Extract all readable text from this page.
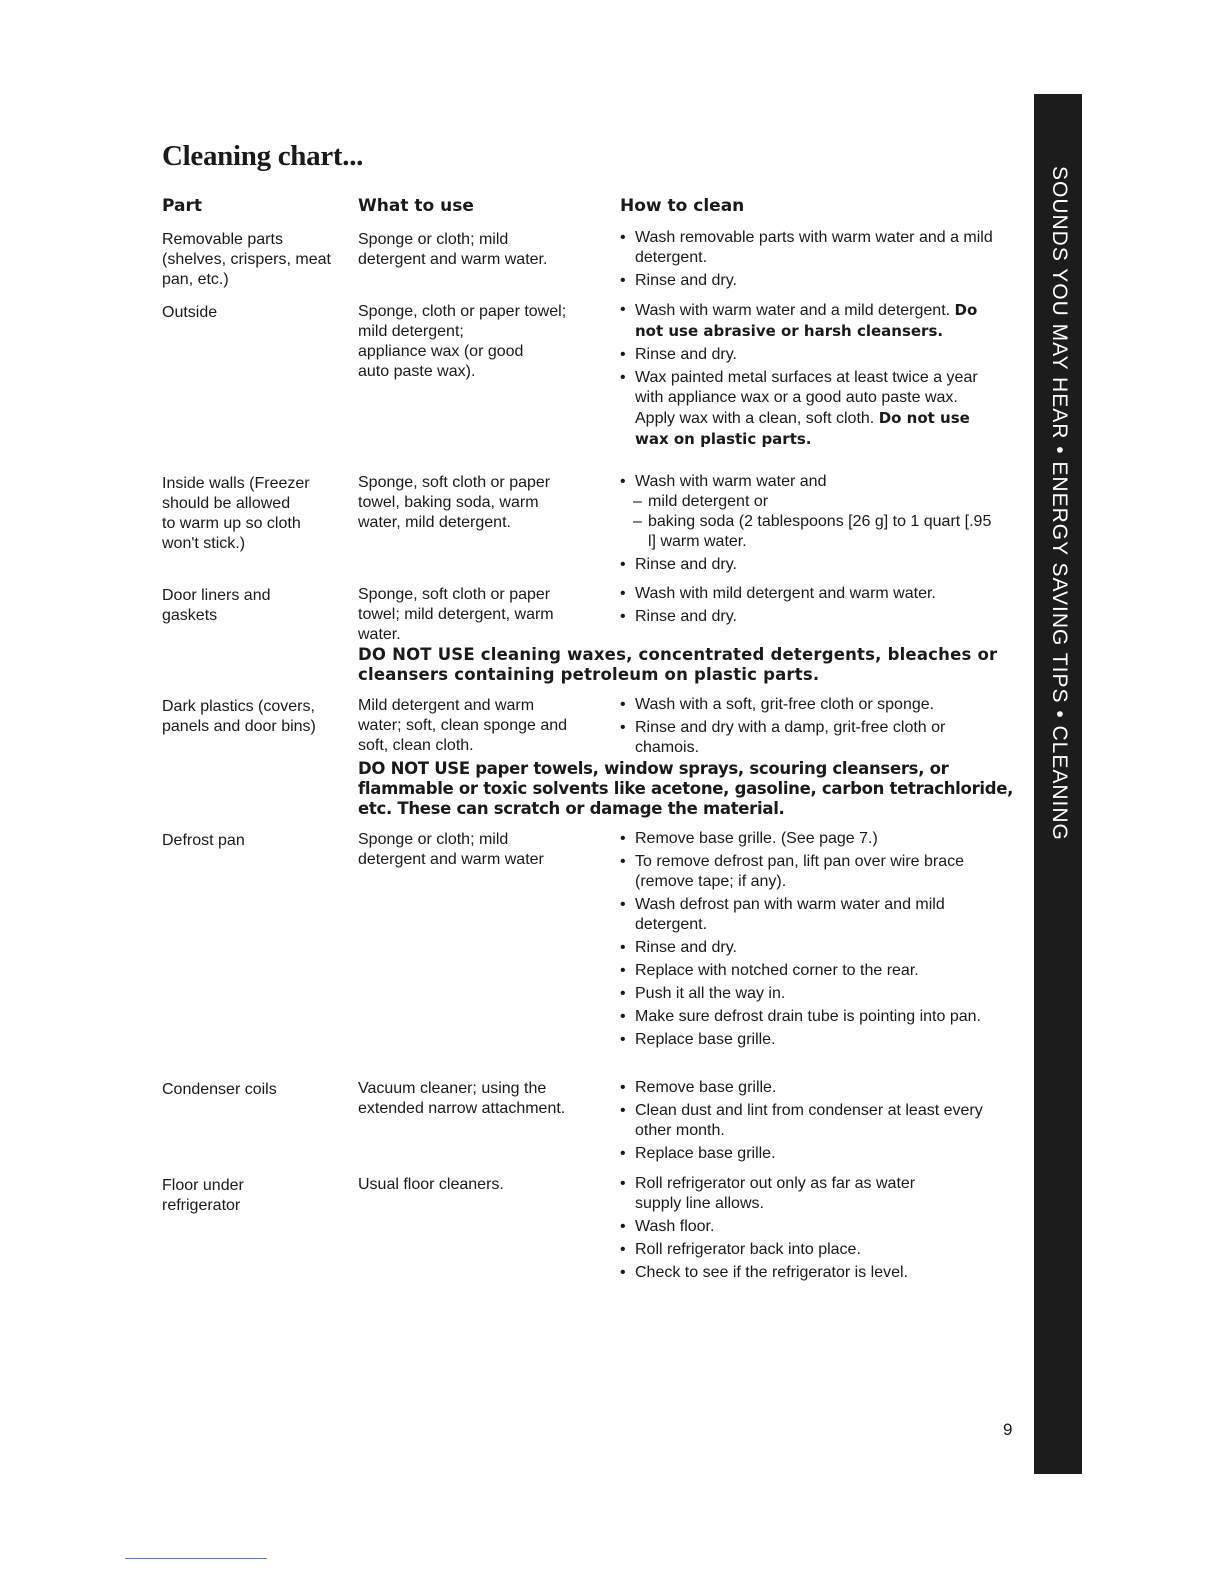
Cleaning chart...
Part	What to use	How to clean
Removable parts
(shelves, crispers, meat
pan, etc.)
Sponge or cloth; mild
detergent and warm water.
• Wash removable parts with warm water and a mild detergent.
• Rinse and dry.
Outside	Sponge, cloth or paper towel;
mild detergent;
appliance wax (or good
auto paste wax).
• Wash with warm water and a mild detergent. Do not use abrasive or harsh cleansers.
• Rinse and dry.
• Wax painted metal surfaces at least twice a year with appliance wax or a good auto paste wax. Apply wax with a clean, soft cloth. Do not use wax on plastic parts.
Inside walls (Freezer
should be allowed
to warm up so cloth
won't stick.)
Sponge, soft cloth or paper
towel, baking soda, warm
water, mild detergent.
• Wash with warm water and
– mild detergent or
– baking soda (2 tablespoons [26 g] to 1 quart [.95 l] warm water.
• Rinse and dry.
Door liners and
gaskets
Sponge, soft cloth or paper
towel; mild detergent, warm
water.
• Wash with mild detergent and warm water.
• Rinse and dry.
DO NOT USE cleaning waxes, concentrated detergents, bleaches or cleansers containing petroleum on plastic parts.
Dark plastics (covers,
panels and door bins)
Mild detergent and warm
water; soft, clean sponge and
soft, clean cloth.
• Wash with a soft, grit-free cloth or sponge.
• Rinse and dry with a damp, grit-free cloth or chamois.
DO NOT USE paper towels, window sprays, scouring cleansers, or flammable or toxic solvents like acetone, gasoline, carbon tetrachloride, etc. These can scratch or damage the material.
Defrost pan	Sponge or cloth; mild
detergent and warm water
• Remove base grille. (See page 7.)
• To remove defrost pan, lift pan over wire brace (remove tape; if any).
• Wash defrost pan with warm water and mild detergent.
• Rinse and dry.
• Replace with notched corner to the rear.
• Push it all the way in.
• Make sure defrost drain tube is pointing into pan.
• Replace base grille.
Condenser coils	Vacuum cleaner; using the
extended narrow attachment.
• Remove base grille.
• Clean dust and lint from condenser at least every other month.
• Replace base grille.
Floor under
refrigerator
Usual floor cleaners.
•	Roll refrigerator out only as far as water supply line allows.
• Wash floor.
• Roll refrigerator back into place.
• Check to see if the refrigerator is level.
SOUNDS YOU MAY HEAR • ENERGY SAVING TIPS • CLEANING
9
